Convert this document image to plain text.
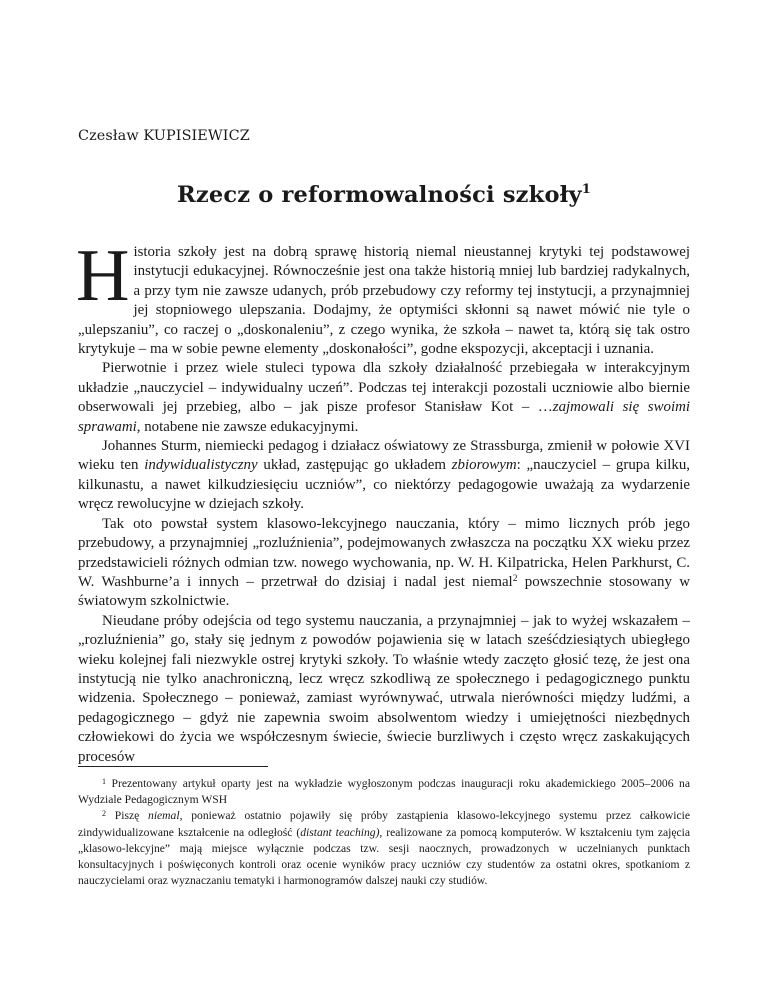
Czesław KUPISIEWICZ
Rzecz o reformowalności szkoły$^1$

Historia szkoły jest na dobrą sprawę historią niemal nieustannej krytyki tej podstawowej instytucji edukacyjnej. Równocześnie jest ona także historią mniej lub bardziej radykalnych, a przy tym nie zawsze udanych, prób przebudowy czy reformy tej instytucji, a przynajmniej jej stopniowego ulepszania. Dodajmy, że optymiści skłonni są nawet mówić nie tyle o „ulepszaniu”, co raczej o „doskonaleniu”, z czego wynika, że szkoła – nawet ta, którą się tak ostro krytykuje – ma w sobie pewne elementy „doskonałości”, godne ekspozycji, akceptacji i uznania.

Pierwotnie i przez wiele stuleci typowa dla szkoły działalność przebiegała w interakcyjnym układzie „nauczyciel – indywidualny uczeń”. Podczas tej interakcji pozostali uczniowie albo biernie obserwowali jej przebieg, albo – jak pisze profesor Stanisław Kot – …zajmowali się swoimi sprawami, notabene nie zawsze edukacyjnymi.

Johannes Sturm, niemiecki pedagog i działacz oświatowy ze Strassburga, zmienił w połowie XVI wieku ten indywidualistyczny układ, zastępując go układem zbiorowym: „nauczyciel – grupa kilku, kilkunastu, a nawet kilkudziesięciu uczniów”, co niektórzy pedagogowie uważają za wydarzenie wręcz rewolucyjne w dziejach szkoły.

Tak oto powstał system klasowo-lekcyjnego nauczania, który – mimo licznych prób jego przebudowy, a przynajmniej „rozluźnienia”, podejmowanych zwłaszcza na początku XX wieku przez przedstawicieli różnych odmian tzw. nowego wychowania, np. W. H. Kilpatricka, Helen Parkhurst, C. W. Washburne’a i innych – przetrwał do dzisiaj i nadal jest niemal$^2$ powszechnie stosowany w światowym szkolnictwie.

Nieudane próby odejścia od tego systemu nauczania, a przynajmniej – jak to wyżej wskazałem – „rozluźnienia” go, stały się jednym z powodów pojawienia się w latach sześćdziesiątych ubiegłego wieku kolejnej fali niezwykle ostrej krytyki szkoły. To właśnie wtedy zaczęto głosić tezę, że jest ona instytucją nie tylko anachroniczną, lecz wręcz szkodliwą ze społecznego i pedagogicznego punktu widzenia. Społecznego – ponieważ, zamiast wyrównywać, utrwala nierówności między ludźmi, a pedagogicznego – gdyż nie zapewnia swoim absolwentom wiedzy i umiejętności niezbędnych człowiekowi do życia we współczesnym świecie, świecie burzliwych i często wręcz zaskakujących procesów

$^1$ Prezentowany artykuł oparty jest na wykładzie wygłoszonym podczas inauguracji roku akademickiego 2005–2006 na Wydziale Pedagogicznym WSH

$^2$ Piszę niemal, ponieważ ostatnio pojawiły się próby zastąpienia klasowo-lekcyjnego systemu przez całkowicie zindywidualizowane kształcenie na odległość (distant teaching), realizowane za pomocą komputerów. W kształceniu tym zajęcia „klasowo-lekcyjne” mają miejsce wyłącznie podczas tzw. sesji naocznych, prowadzonych w uczelnianych punktach konsultacyjnych i poświęconych kontroli oraz ocenie wyników pracy uczniów czy studentów za ostatni okres, spotkaniom z nauczycielami oraz wyznaczaniu tematyki i harmonogramów dalszej nauki czy studiów.
